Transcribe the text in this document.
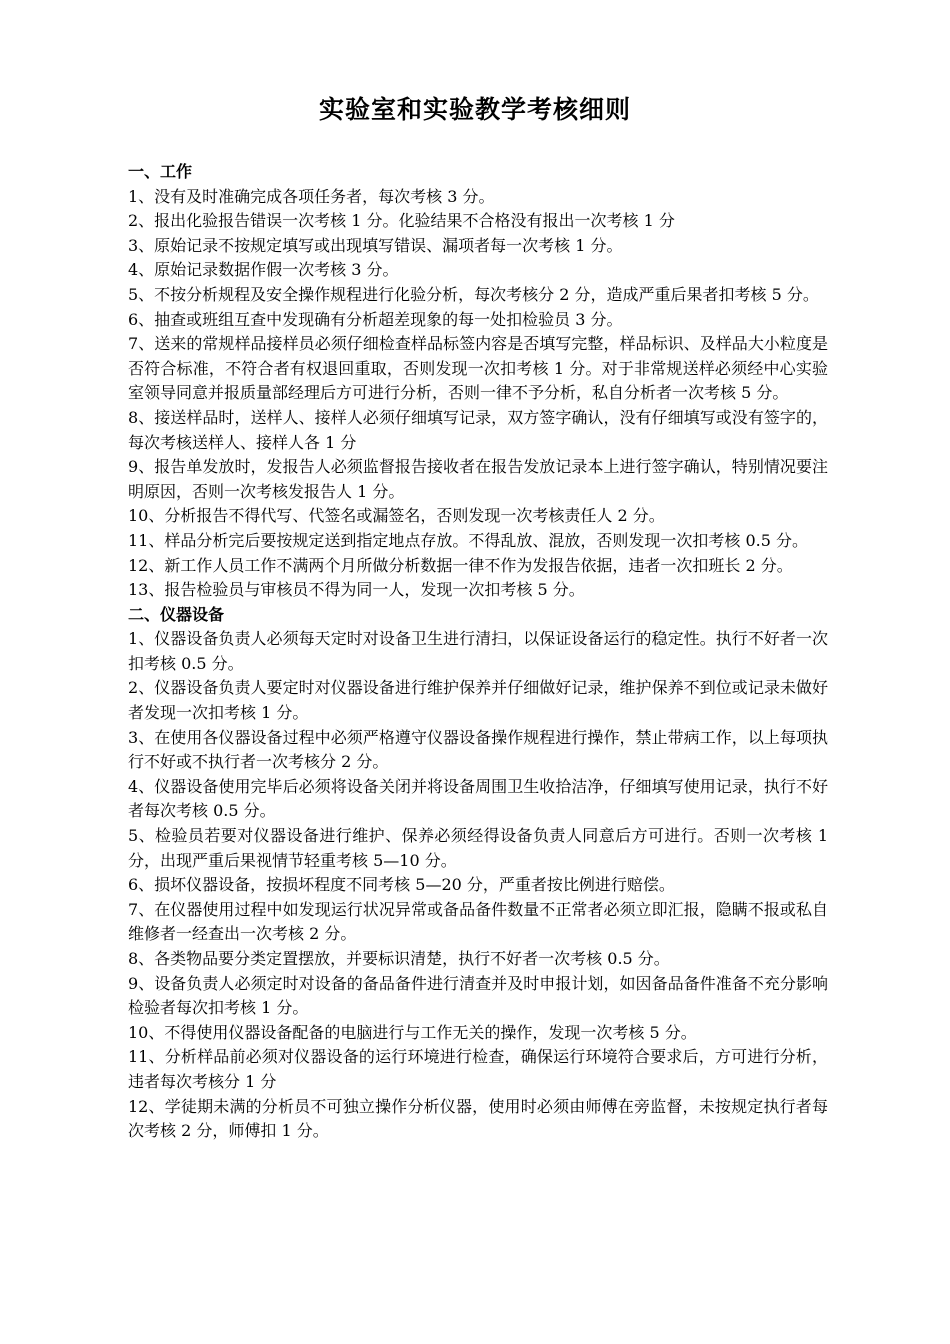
实验室和实验教学考核细则

一、工作

1、没有及时准确完成各项任务者，每次考核 3 分。

2、报出化验报告错误一次考核 1 分。化验结果不合格没有报出一次考核 1 分

3、原始记录不按规定填写或出现填写错误、漏项者每一次考核 1 分。

4、原始记录数据作假一次考核 3 分。

5、不按分析规程及安全操作规程进行化验分析，每次考核分 2 分，造成严重后果者扣考核 5 分。

6、抽查或班组互查中发现确有分析超差现象的每一处扣检验员 3 分。

7、送来的常规样品接样员必须仔细检查样品标签内容是否填写完整，样品标识、及样品大小粒度是否符合标准，不符合者有权退回重取，否则发现一次扣考核 1 分。对于非常规送样必须经中心实验室领导同意并报质量部经理后方可进行分析，否则一律不予分析，私自分析者一次考核 5 分。

8、接送样品时，送样人、接样人必须仔细填写记录，双方签字确认，没有仔细填写或没有签字的，每次考核送样人、接样人各 1 分

9、报告单发放时，发报告人必须监督报告接收者在报告发放记录本上进行签字确认，特别情况要注明原因，否则一次考核发报告人 1 分。

10、分析报告不得代写、代签名或漏签名，否则发现一次考核责任人 2 分。

11、样品分析完后要按规定送到指定地点存放。不得乱放、混放，否则发现一次扣考核 0.5 分。

12、新工作人员工作不满两个月所做分析数据一律不作为发报告依据，违者一次扣班长 2 分。

13、报告检验员与审核员不得为同一人，发现一次扣考核 5 分。

二、仪器设备

1、仪器设备负责人必须每天定时对设备卫生进行清扫，以保证设备运行的稳定性。执行不好者一次扣考核 0.5 分。

2、仪器设备负责人要定时对仪器设备进行维护保养并仔细做好记录，维护保养不到位或记录未做好者发现一次扣考核 1 分。

3、在使用各仪器设备过程中必须严格遵守仪器设备操作规程进行操作，禁止带病工作，以上每项执行不好或不执行者一次考核分 2 分。

4、仪器设备使用完毕后必须将设备关闭并将设备周围卫生收拾洁净，仔细填写使用记录，执行不好者每次考核 0.5 分。

5、检验员若要对仪器设备进行维护、保养必须经得设备负责人同意后方可进行。否则一次考核 1 分，出现严重后果视情节轻重考核 5—10 分。

6、损坏仪器设备，按损坏程度不同考核 5—20 分，严重者按比例进行赔偿。

7、在仪器使用过程中如发现运行状况异常或备品备件数量不正常者必须立即汇报，隐瞒不报或私自维修者一经查出一次考核 2 分。

8、各类物品要分类定置摆放，并要标识清楚，执行不好者一次考核 0.5 分。

9、设备负责人必须定时对设备的备品备件进行清查并及时申报计划，如因备品备件准备不充分影响检验者每次扣考核 1 分。

10、不得使用仪器设备配备的电脑进行与工作无关的操作，发现一次考核 5 分。

11、分析样品前必须对仪器设备的运行环境进行检查，确保运行环境符合要求后，方可进行分析，违者每次考核分 1 分

12、学徒期未满的分析员不可独立操作分析仪器，使用时必须由师傅在旁监督，未按规定执行者每次考核 2 分，师傅扣 1 分。
